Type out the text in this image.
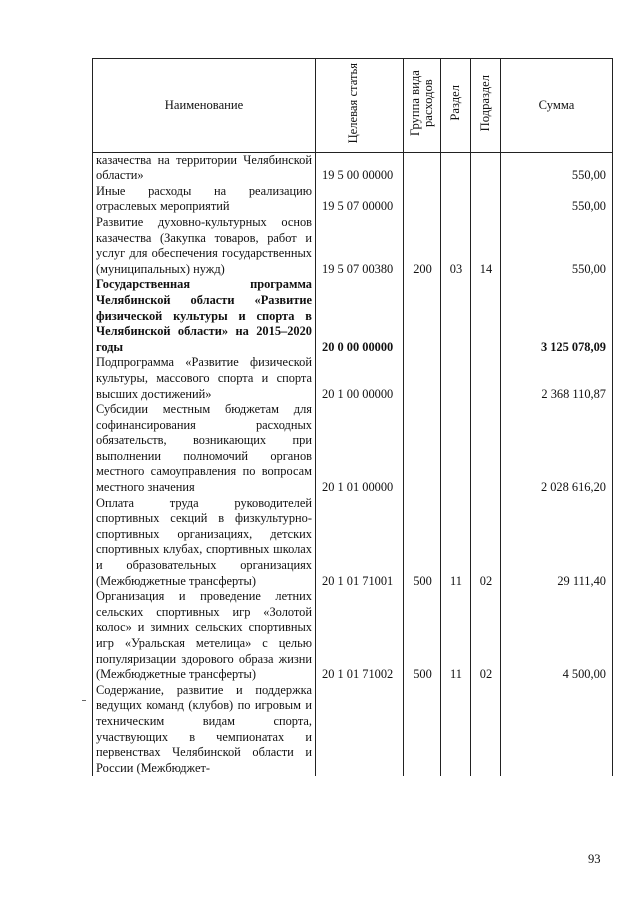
Наименование	Целевая статья	Группа вида расходов	Раздел	Подраздел	Сумма
казачества на территории Челябинской области»	19 5 00 00000				550,00
Иные расходы на реализацию отраслевых мероприятий	19 5 07 00000				550,00
Развитие духовно-культурных основ казачества (Закупка товаров, работ и услуг для обеспечения государственных (муниципальных) нужд)	19 5 07 00380	200	03	14	550,00
Государственная программа Челябинской области «Развитие физической культуры и спорта в Челябинской области» на 2015–2020 годы	20 0 00 00000				3 125 078,09
Подпрограмма «Развитие физической культуры, массового спорта и спорта высших достижений»	20 1 00 00000				2 368 110,87
Субсидии местным бюджетам для софинансирования расходных обязательств, возникающих при выполнении полномочий органов местного самоуправления по вопросам местного значения	20 1 01 00000				2 028 616,20
Оплата труда руководителей спортивных секций в физкультурно-спортивных организациях, детских спортивных клубах, спортивных школах и образовательных организациях (Межбюджетные трансферты)	20 1 01 71001	500	11	02	29 111,40
Организация и проведение летних сельских спортивных игр «Золотой колос» и зимних сельских спортивных игр «Уральская метелица» с целью популяризации здорового образа жизни (Межбюджетные трансферты)	20 1 01 71002	500	11	02	4 500,00
Содержание, развитие и поддержка ведущих команд (клубов) по игровым и техническим видам спорта, участвующих в чемпионатах и первенствах Челябинской области и России (Межбюджет-					
93
